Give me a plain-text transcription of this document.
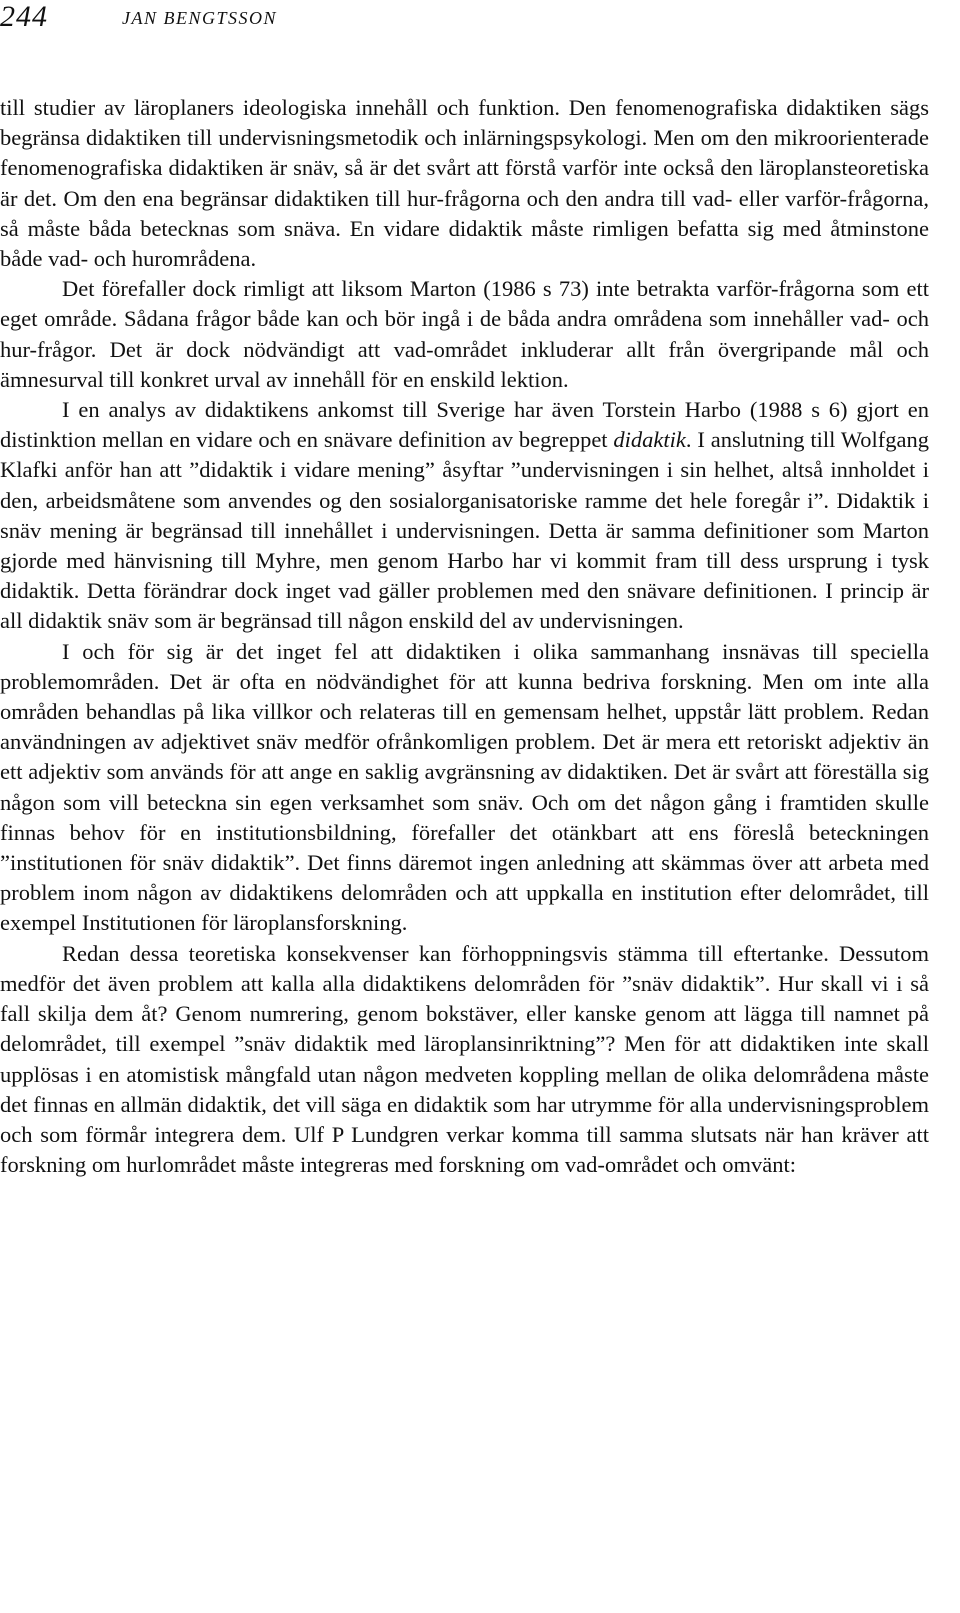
244	JAN BENGTSSON

till studier av läroplaners ideologiska innehåll och funktion. Den fenomenografiska didaktiken sägs begränsa didaktiken till undervisningsmetodik och inlärningspsykologi. Men om den mikroorienterade fenomenografiska didaktiken är snäv, så är det svårt att förstå varför inte också den läroplansteoretiska är det. Om den ena begränsar didaktiken till hur-frågorna och den andra till vad- eller varför-frågorna, så måste båda betecknas som snäva. En vidare didaktik måste rimligen befatta sig med åtminstone både vad- och hurområdena.

Det förefaller dock rimligt att liksom Marton (1986 s 73) inte betrakta varför-frågorna som ett eget område. Sådana frågor både kan och bör ingå i de båda andra områdena som innehåller vad- och hur-frågor. Det är dock nödvändigt att vad-området inkluderar allt från övergripande mål och ämnesurval till konkret urval av innehåll för en enskild lektion.

I en analys av didaktikens ankomst till Sverige har även Torstein Harbo (1988 s 6) gjort en distinktion mellan en vidare och en snävare definition av begreppet didaktik. I anslutning till Wolfgang Klafki anför han att ”didaktik i vidare mening” åsyftar ”undervisningen i sin helhet, altså innholdet i den, arbeidsmåtene som anvendes og den sosialorganisatoriske ramme det hele foregår i”. Didaktik i snäv mening är begränsad till innehållet i undervisningen. Detta är samma definitioner som Marton gjorde med hänvisning till Myhre, men genom Harbo har vi kommit fram till dess ursprung i tysk didaktik. Detta förändrar dock inget vad gäller problemen med den snävare definitionen. I princip är all didaktik snäv som är begränsad till någon enskild del av undervisningen.

I och för sig är det inget fel att didaktiken i olika sammanhang insnävas till speciella problemområden. Det är ofta en nödvändighet för att kunna bedriva forskning. Men om inte alla områden behandlas på lika villkor och relateras till en gemensam helhet, uppstår lätt problem. Redan användningen av adjektivet snäv medför ofrånkomligen problem. Det är mera ett retoriskt adjektiv än ett adjektiv som används för att ange en saklig avgränsning av didaktiken. Det är svårt att föreställa sig någon som vill beteckna sin egen verksamhet som snäv. Och om det någon gång i framtiden skulle finnas behov för en institutionsbildning, förefaller det otänkbart att ens föreslå beteckningen ”institutionen för snäv didaktik”. Det finns däremot ingen anledning att skämmas över att arbeta med problem inom någon av didaktikens delområden och att uppkalla en institution efter delområdet, till exempel Institutionen för läroplansforskning.

Redan dessa teoretiska konsekvenser kan förhoppningsvis stämma till eftertanke. Dessutom medför det även problem att kalla alla didaktikens delområden för ”snäv didaktik”. Hur skall vi i så fall skilja dem åt? Genom numrering, genom bokstäver, eller kanske genom att lägga till namnet på delområdet, till exempel ”snäv didaktik med läroplansinriktning”? Men för att didaktiken inte skall upplösas i en atomistisk mångfald utan någon medveten koppling mellan de olika delområdena måste det finnas en allmän didaktik, det vill säga en didaktik som har utrymme för alla undervisningsproblem och som förmår integrera dem. Ulf P Lundgren verkar komma till samma slutsats när han kräver att forskning om hurlområdet måste integreras med forskning om vad-området och omvänt:
